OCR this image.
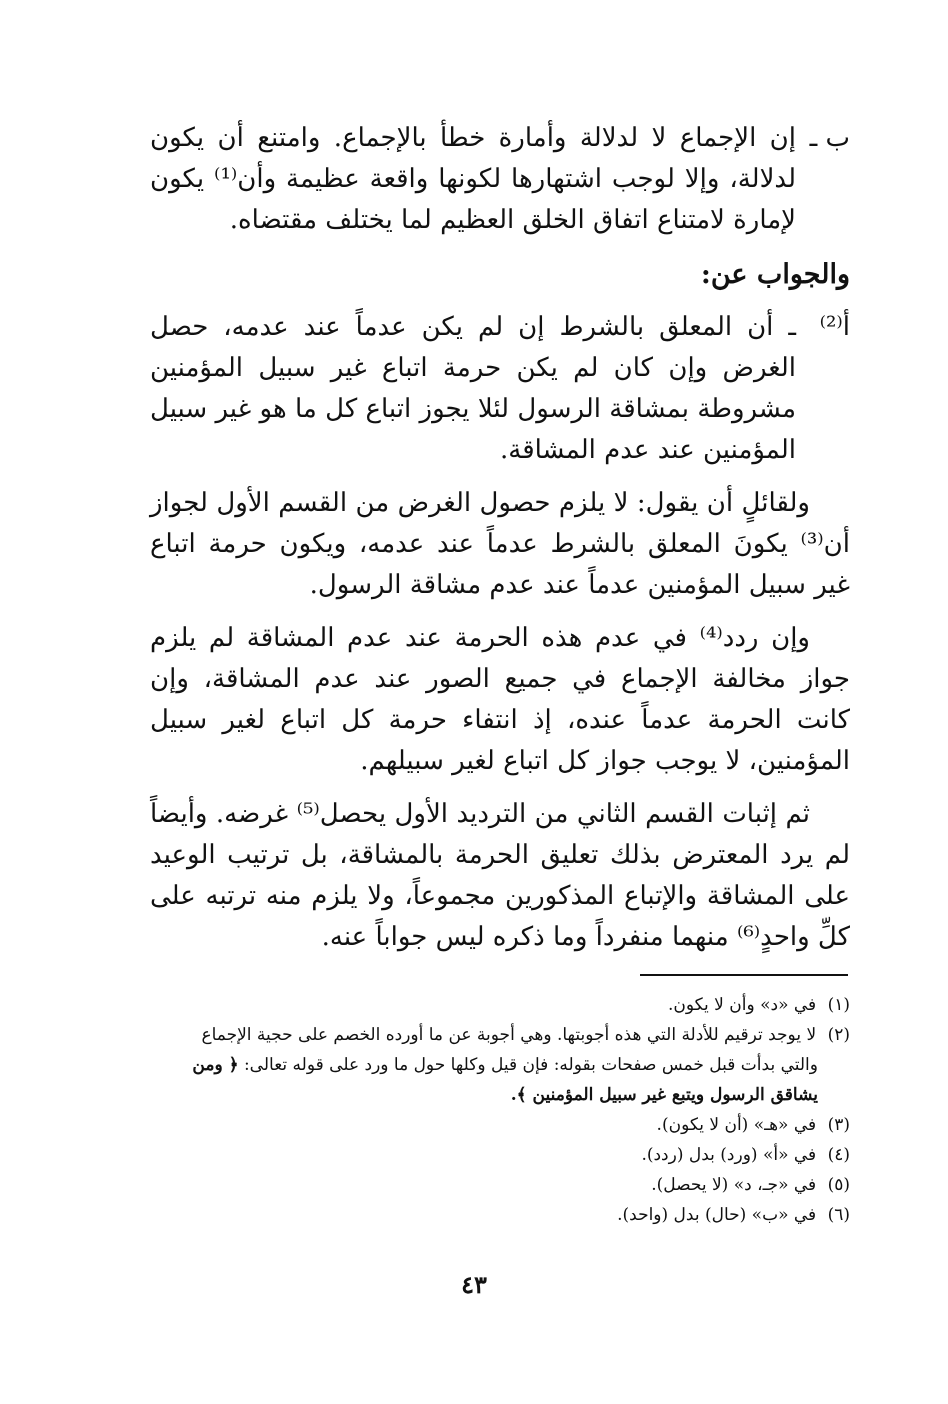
ب ـ
إن الإجماع لا لدلالة وأمارة خطأ بالإجماع. وامتنع أن يكون لدلالة، وإلا لوجب اشتهارها لكونها واقعة عظيمة وأن⁽¹⁾ يكون لإمارة لامتناع اتفاق الخلق العظيم لما يختلف مقتضاه.

والجواب عن:

أ⁽²⁾
ـ أن المعلق بالشرط إن لم يكن عدماً عند عدمه، حصل الغرض وإن كان لم يكن حرمة اتباع غير سبيل المؤمنين مشروطة بمشاقة الرسول لئلا يجوز اتباع كل ما هو غير سبيل المؤمنين عند عدم المشاقة.

ولقائلٍ أن يقول: لا يلزم حصول الغرض من القسم الأول لجواز أن⁽³⁾ يكونَ المعلق بالشرط عدماً عند عدمه، ويكون حرمة اتباع غير سبيل المؤمنين عدماً عند عدم مشاقة الرسول.

وإن ردد⁽⁴⁾ في عدم هذه الحرمة عند عدم المشاقة لم يلزم جواز مخالفة الإجماع في جميع الصور عند عدم المشاقة، وإن كانت الحرمة عدماً عنده، إذ انتفاء حرمة كل اتباع لغير سبيل المؤمنين، لا يوجب جواز كل اتباع لغير سبيلهم.

ثم إثبات القسم الثاني من الترديد الأول يحصل⁽⁵⁾ غرضه. وأيضاً لم يرد المعترض بذلك تعليق الحرمة بالمشاقة، بل ترتيب الوعيد على المشاقة والإتباع المذكورين مجموعاً، ولا يلزم منه ترتبه على كلِّ واحدٍ⁽⁶⁾ منهما منفرداً وما ذكره ليس جواباً عنه.

(١) في «د» وأن لا يكون.

(٢) لا يوجد ترقيم للأدلة التي هذه أجوبتها. وهي أجوبة عن ما أورده الخصم على حجية الإجماع

والتي بدأت قبل خمس صفحات بقوله: فإن قيل وكلها حول ما ورد على قوله تعالى: ﴿ ومن يشاقق الرسول ويتبع غير سبيل المؤمنين ﴾.

(٣) في «هـ» (أن لا يكون).

(٤) في «أ» (ورد) بدل (ردد).

(٥) في «جـ، د» (لا يحصل).

(٦) في «ب» (حال) بدل (واحد).

٤٣
